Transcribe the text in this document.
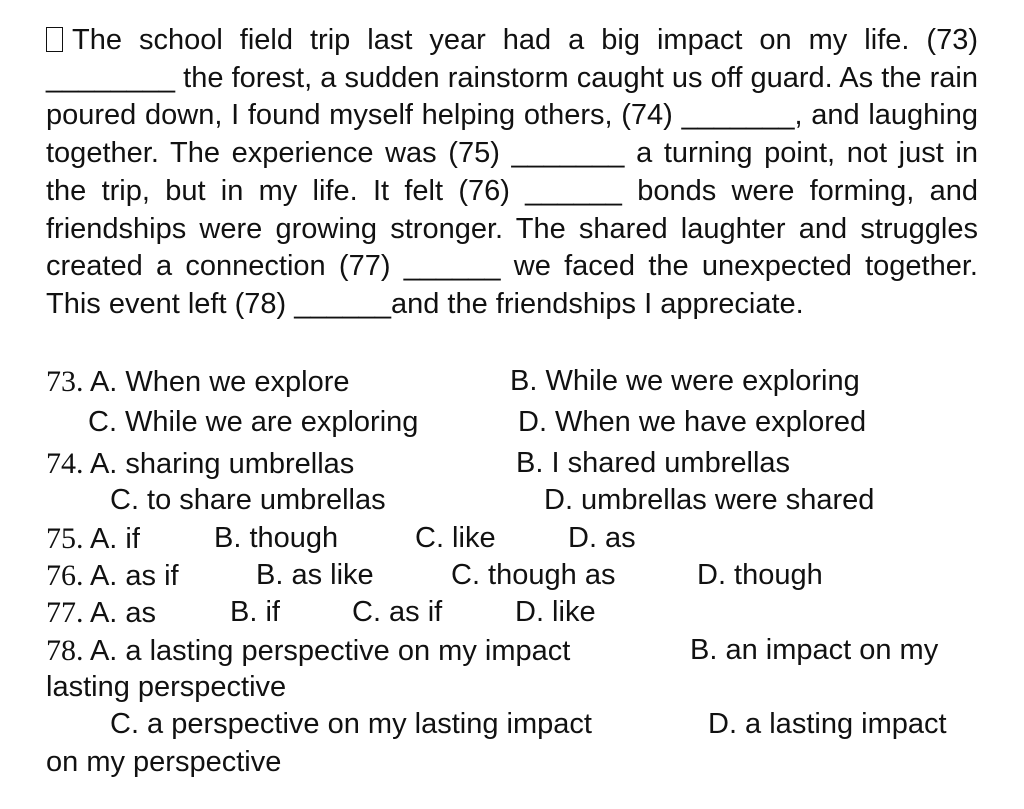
The school field trip last year had a big impact on my life. (73) ________ the forest, a sudden rainstorm caught us off guard. As the rain poured down, I found myself helping others, (74) _______, and laughing together. The experience was (75) _______ a turning point, not just in the trip, but in my life. It felt (76) ______ bonds were forming, and friendships were growing stronger. The shared laughter and struggles created a connection (77) ______ we faced the unexpected together. This event left (78) ______and the friendships I appreciate.
73. A. When we explore	B. While we were exploring
C. While we are exploring	D. When we have explored
74. A. sharing umbrellas	B. I shared umbrellas
C. to share umbrellas	D. umbrellas were shared
75. A. if	B. though	C. like D. as
76. A. as if	B. as like	C. though as	D. though
77. A. as	B. if C. as if	D. like
78. A. a lasting perspective on my impact	B. an impact on my
lasting perspective
C. a perspective on my lasting impact	D. a lasting impact
on my perspective
